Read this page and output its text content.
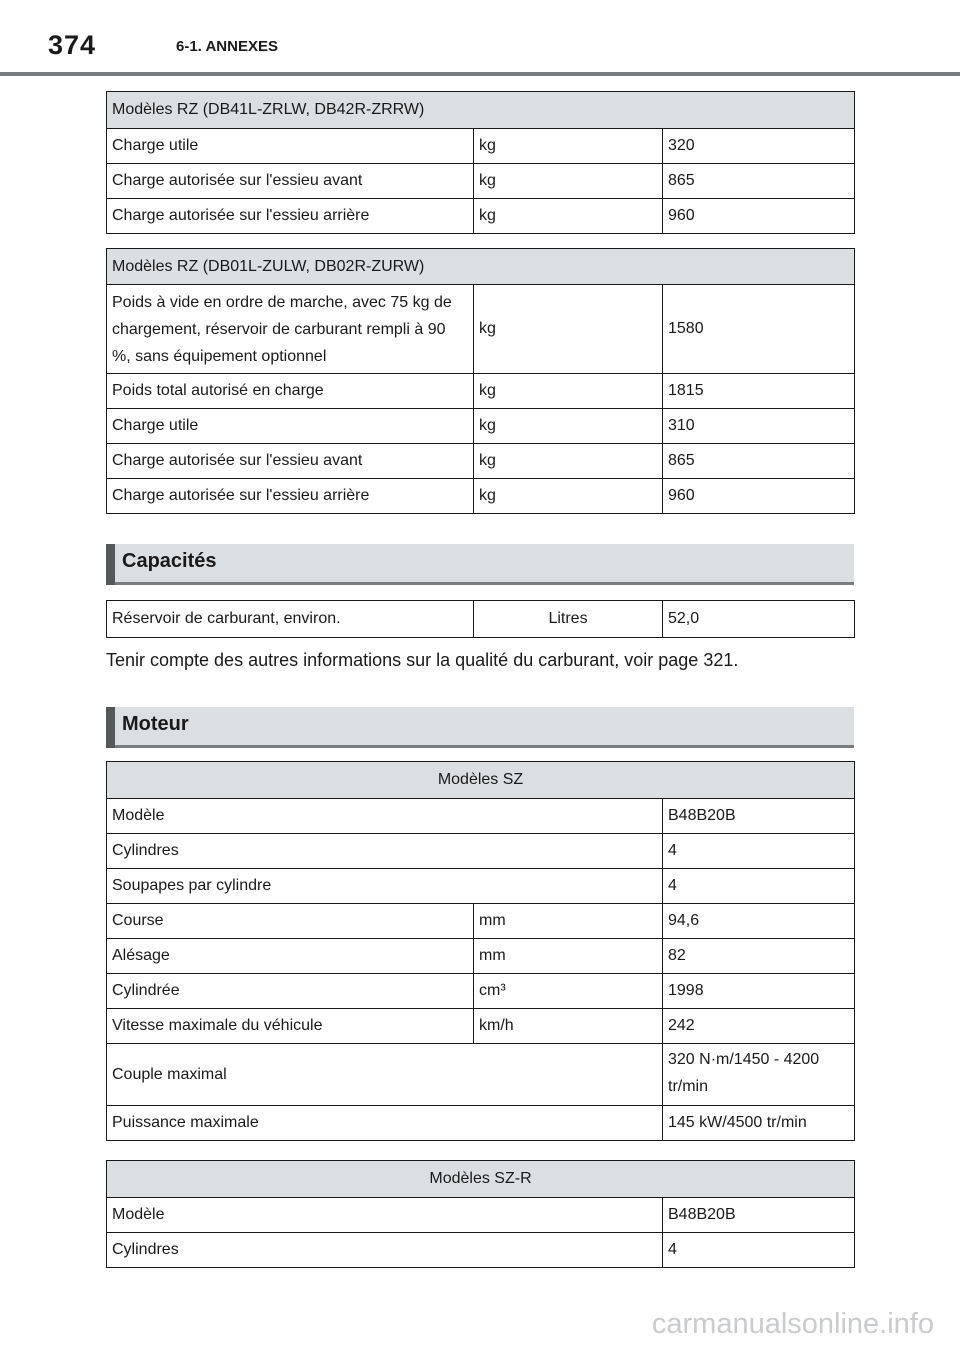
374	6-1. ANNEXES
Modèles RZ (DB41L-ZRLW, DB42R-ZRRW)		
Charge utile	kg	320
Charge autorisée sur l'essieu avant	kg	865
Charge autorisée sur l'essieu arrière	kg	960
Modèles RZ (DB01L-ZULW, DB02R-ZURW)		
Poids à vide en ordre de marche, avec 75 kg de chargement, réservoir de carburant rempli à 90 %, sans équipement optionnel	kg	1580
Poids total autorisé en charge	kg	1815
Charge utile	kg	310
Charge autorisée sur l'essieu avant	kg	865
Charge autorisée sur l'essieu arrière	kg	960
Capacités
Réservoir de carburant, environ.	Litres	52,0
Tenir compte des autres informations sur la qualité du carburant, voir page 321.
Moteur
Modèles SZ		
Modèle		B48B20B
Cylindres		4
Soupapes par cylindre		4
Course	mm	94,6
Alésage	mm	82
Cylindrée	cm³	1998
Vitesse maximale du véhicule	km/h	242
Couple maximal		320 N·m/1450 - 4200 tr/min
Puissance maximale		145 kW/4500 tr/min
Modèles SZ-R	
Modèle	B48B20B
Cylindres	4
carmanualsonline.info
